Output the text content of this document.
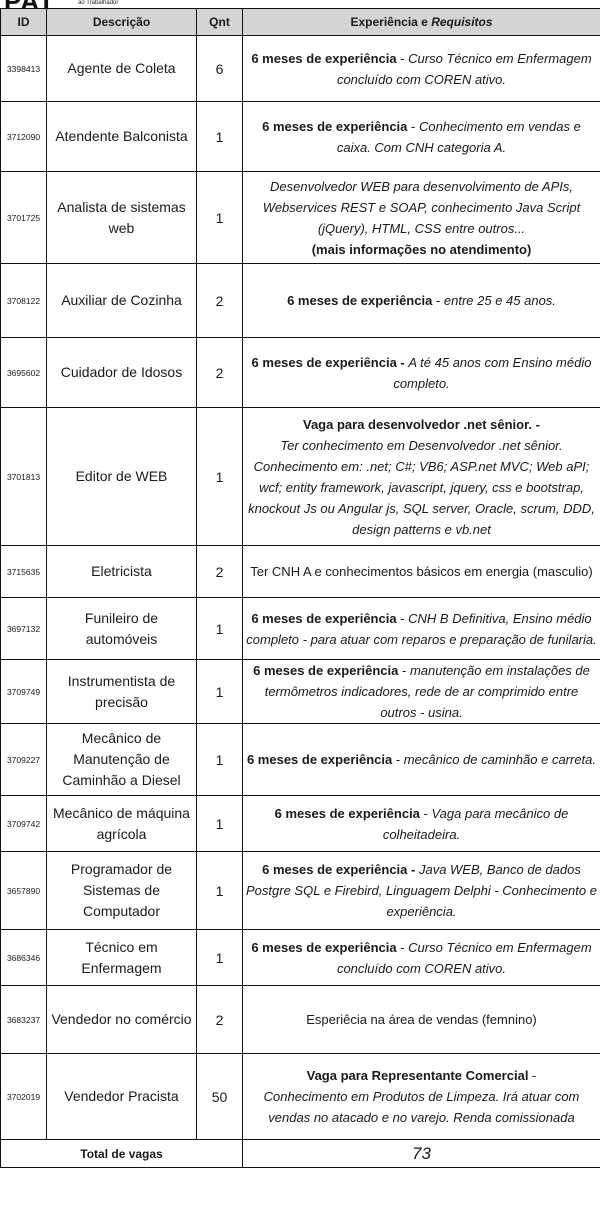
ao Trabalhador
ID	Descrição	Qnt	Experiência e Requisitos
3398413	Agente de Coleta	6	6 meses de experiência - Curso Técnico em Enfermagem concluído com COREN ativo.
3712090	Atendente Balconista	1	6 meses de experiência - Conhecimento em vendas e caixa. Com CNH categoria A.
3701725	Analista de sistemas web	1	Desenvolvedor WEB para desenvolvimento de APIs, Webservices REST e SOAP, conhecimento Java Script (jQuery), HTML, CSS entre outros...
(mais informações no atendimento)
3708122	Auxiliar de Cozinha	2	6 meses de experiência - entre 25 e 45 anos.
3695602	Cuidador de Idosos	2	6 meses de experiência - A té 45 anos com Ensino médio completo.
3701813	Editor de WEB	1	Vaga para desenvolvedor .net sênior. -
Ter conhecimento em Desenvolvedor .net sênior. Conhecimento em: .net; C#; VB6; ASP.net MVC; Web aPI; wcf; entity framework, javascript, jquery, css e bootstrap, knockout Js ou Angular js, SQL server, Oracle, scrum, DDD, design patterns e vb.net
3715635	Eletricista	2	Ter CNH A e conhecimentos básicos em energia (masculio)
3697132	Funileiro de automóveis	1	6 meses de experiência - CNH B Definitiva, Ensino médio completo - para atuar com reparos e preparação de funilaria.
3709749	Instrumentista de precisão	1	6 meses de experiência - manutenção em instalações de termômetros indicadores, rede de ar comprimido entre outros - usina.
3709227	Mecânico de Manutenção de Caminhão a Diesel	1	6 meses de experiência - mecânico de caminhão e carreta.
3709742	Mecânico de máquina agrícola	1	6 meses de experiência - Vaga para mecânico de colheitadeira.
3657890	Programador de Sistemas de Computador	1	6 meses de experiência - Java WEB, Banco de dados Postgre SQL e Firebird, Linguagem Delphi - Conhecimento e experiência.
3686346	Técnico em Enfermagem	1	6 meses de experiência - Curso Técnico em Enfermagem concluído com COREN ativo.
3683237	Vendedor no comércio	2	Esperiêcia na área de vendas (femnino)
3702019	Vendedor Pracista	50	Vaga para Representante Comercial -
Conhecimento em Produtos de Limpeza. Irá atuar com vendas no atacado e no varejo. Renda comissionada
Total de vagas			73
